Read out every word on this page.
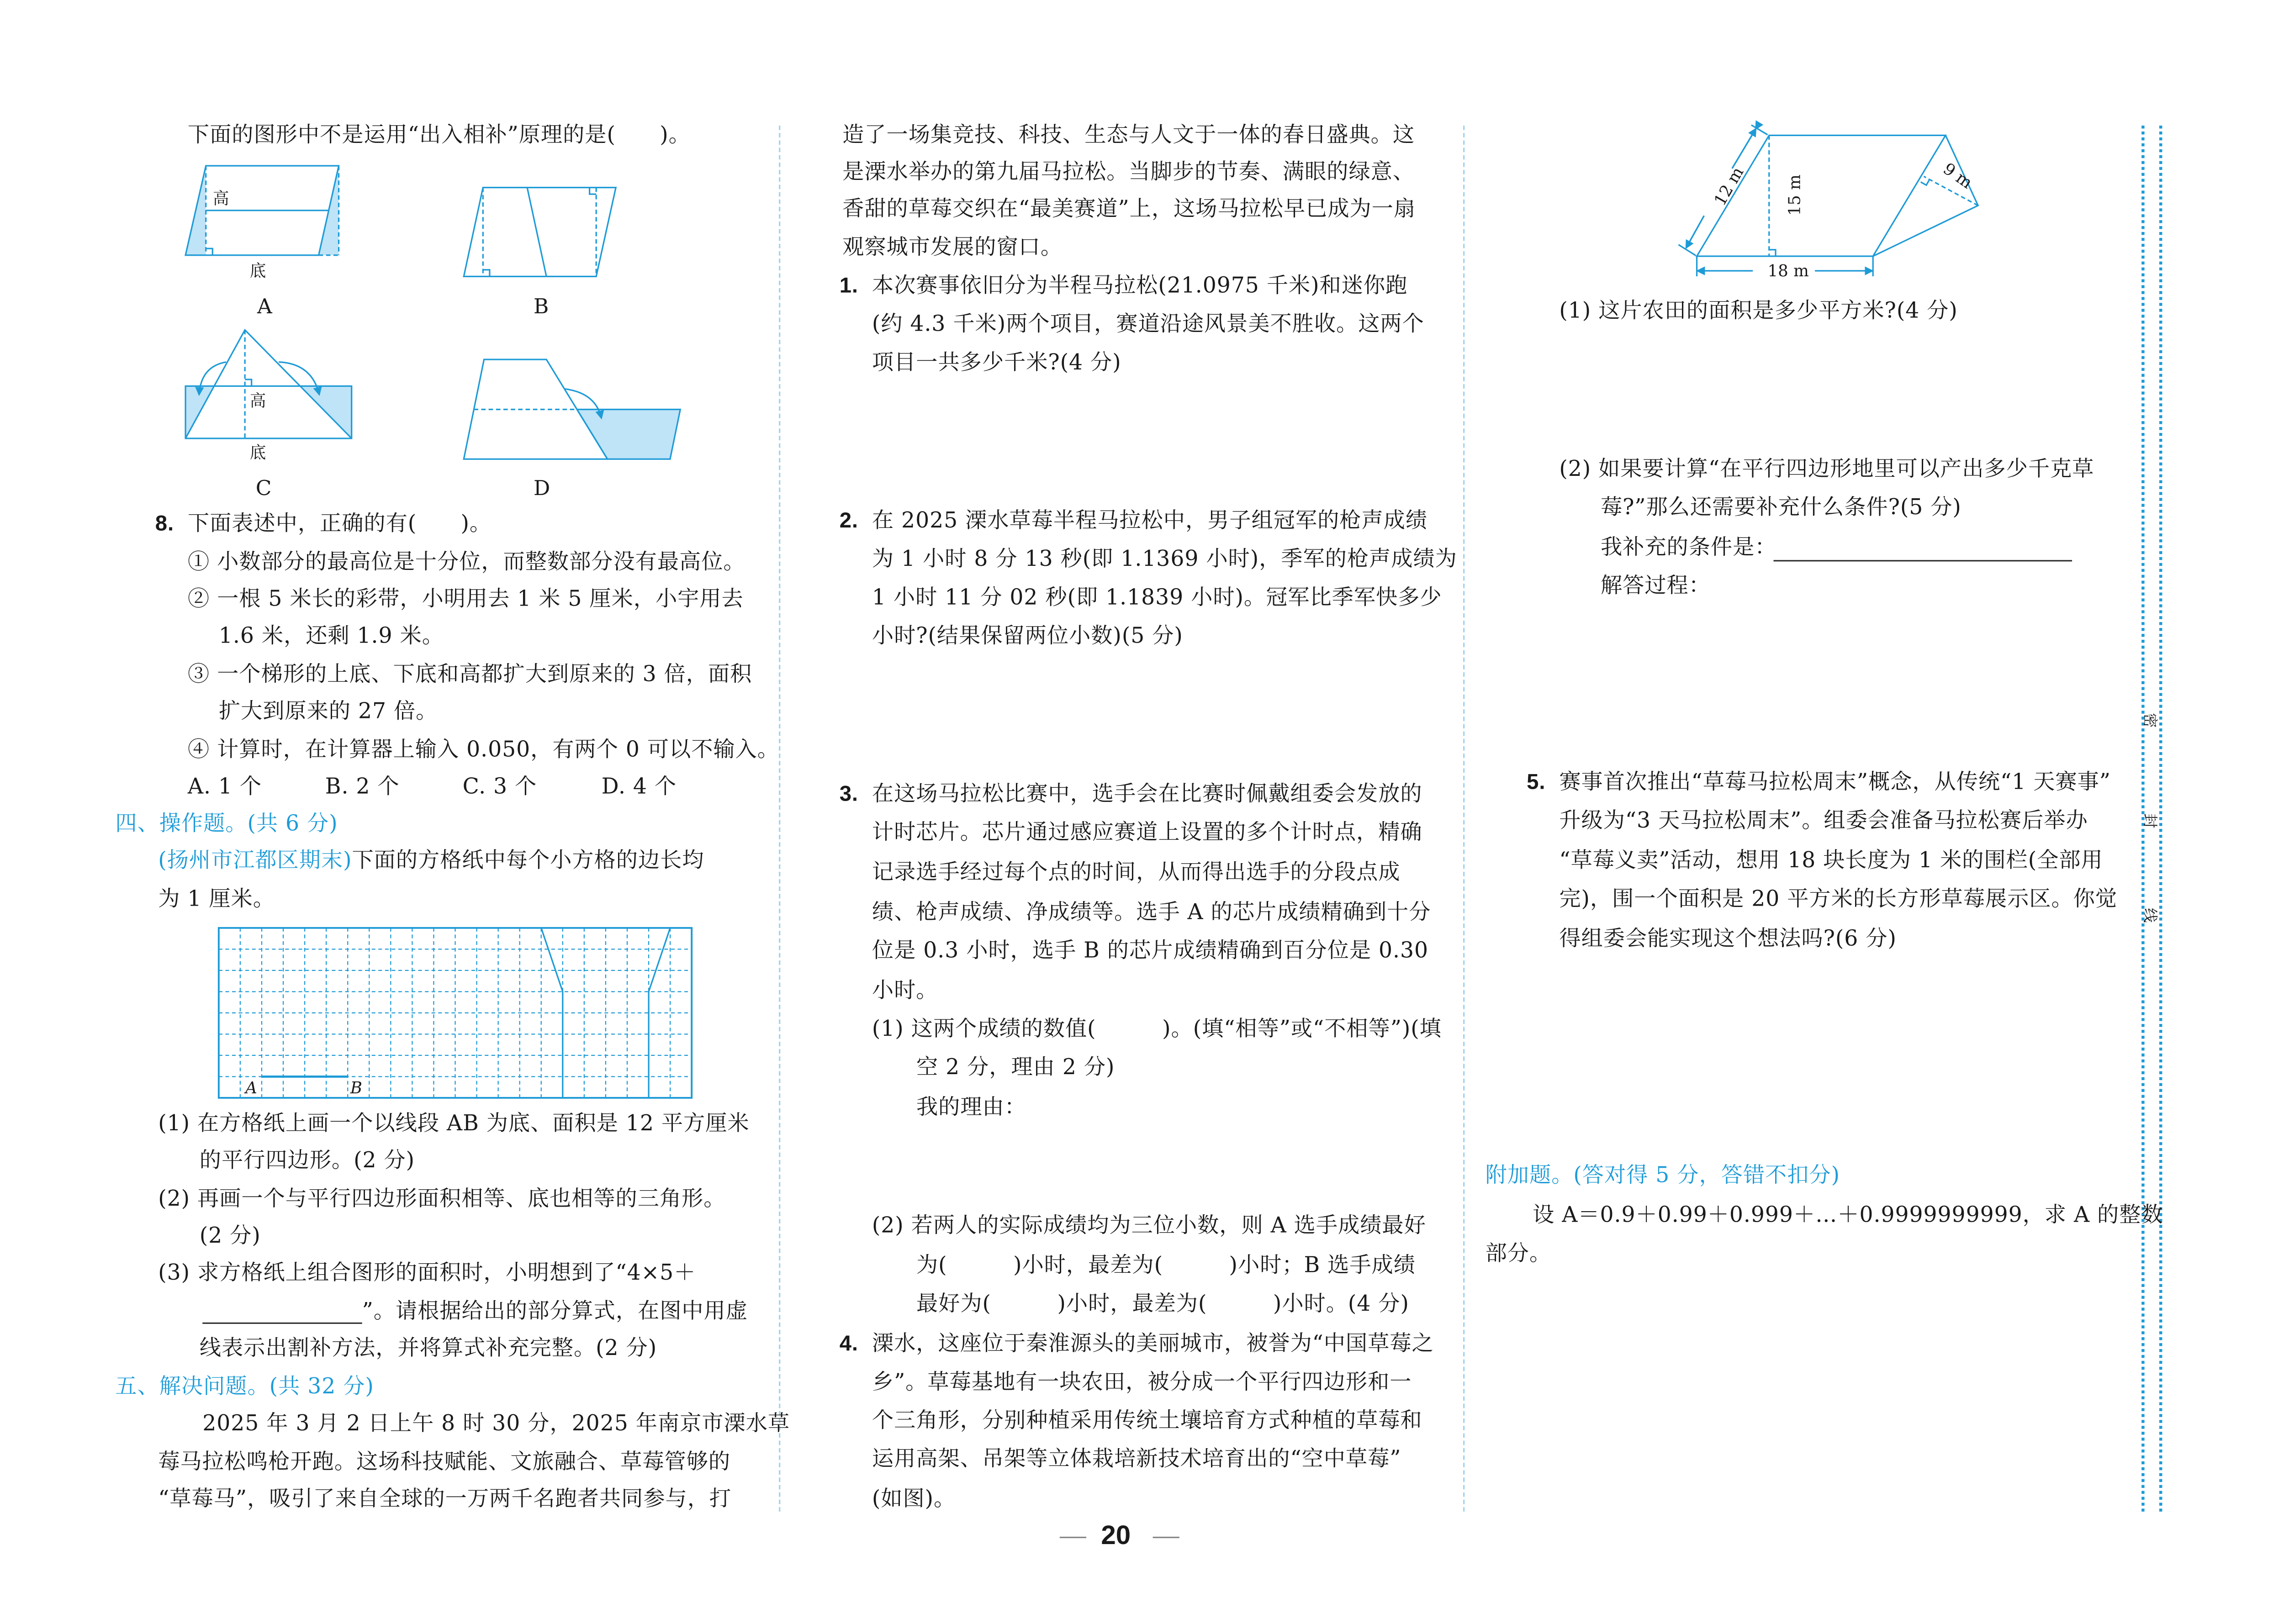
密
封
线
下面的图形中不是运用“出入相补”原理的是(　　)。
8. 下面表述中，正确的有(　　)。
① 小数部分的最高位是十分位，而整数部分没有最高位。
② 一根 5 米长的彩带，小明用去 1 米 5 厘米，小宇用去
1.6 米，还剩 1.9 米。
③ 一个梯形的上底、下底和高都扩大到原来的 3 倍，面积
扩大到原来的 27 倍。
④ 计算时，在计算器上输入 0.050，有两个 0 可以不输入。
A. 1 个	B. 2 个	C. 3 个	D. 4 个
四、操作题。(共 6 分)
(扬州市江都区期末)下面的方格纸中每个小方格的边长均
为 1 厘米。
(1) 在方格纸上画一个以线段 AB 为底、面积是 12 平方厘米
的平行四边形。(2 分)
(2) 再画一个与平行四边形面积相等、底也相等的三角形。
(2 分)
(3) 求方格纸上组合图形的面积时，小明想到了“4×5＋
”。请根据给出的部分算式，在图中用虚
线表示出割补方法，并将算式补充完整。(2 分)
五、解决问题。(共 32 分)
2025 年 3 月 2 日上午 8 时 30 分，2025 年南京市溧水草
莓马拉松鸣枪开跑。这场科技赋能、文旅融合、草莓管够的
“草莓马”，吸引了来自全球的一万两千名跑者共同参与，打
造了一场集竞技、科技、生态与人文于一体的春日盛典。这
是溧水举办的第九届马拉松。当脚步的节奏、满眼的绿意、
香甜的草莓交织在“最美赛道”上，这场马拉松早已成为一扇
观察城市发展的窗口。
1. 本次赛事依旧分为半程马拉松(21.0975 千米)和迷你跑
(约 4.3 千米)两个项目，赛道沿途风景美不胜收。这两个
项目一共多少千米?(4 分)
2. 在 2025 溧水草莓半程马拉松中，男子组冠军的枪声成绩
为 1 小时 8 分 13 秒(即 1.1369 小时)，季军的枪声成绩为
1 小时 11 分 02 秒(即 1.1839 小时)。冠军比季军快多少
小时?(结果保留两位小数)(5 分)
3. 在这场马拉松比赛中，选手会在比赛时佩戴组委会发放的
计时芯片。芯片通过感应赛道上设置的多个计时点，精确
记录选手经过每个点的时间，从而得出选手的分段点成
绩、枪声成绩、净成绩等。选手 A 的芯片成绩精确到十分
位是 0.3 小时，选手 B 的芯片成绩精确到百分位是 0.30
小时。
(1) 这两个成绩的数值(　　　)。(填“相等”或“不相等”)(填
空 2 分，理由 2 分)
我的理由：
(2) 若两人的实际成绩均为三位小数，则 A 选手成绩最好
为(　　　)小时，最差为(　　　)小时；B 选手成绩
最好为(　　　)小时，最差为(　　　)小时。(4 分)
4. 溧水，这座位于秦淮源头的美丽城市，被誉为“中国草莓之
乡”。草莓基地有一块农田，被分成一个平行四边形和一
个三角形，分别种植采用传统土壤培育方式种植的草莓和
运用高架、吊架等立体栽培新技术培育出的“空中草莓”
(如图)。
(1) 这片农田的面积是多少平方米?(4 分)
(2) 如果要计算“在平行四边形地里可以产出多少千克草
莓?”那么还需要补充什么条件?(5 分)
我补充的条件是：
解答过程：
5. 赛事首次推出“草莓马拉松周末”概念，从传统“1 天赛事”
升级为“3 天马拉松周末”。组委会准备马拉松赛后举办
“草莓义卖”活动，想用 18 块长度为 1 米的围栏(全部用
完)，围一个面积是 20 平方米的长方形草莓展示区。你觉
得组委会能实现这个想法吗?(6 分)
附加题。(答对得 5 分，答错不扣分)
设 A＝0.9＋0.99＋0.999＋…＋0.9999999999，求 A 的整数
部分。
20
高
底
A	B
高
底
C	D
A	B
12 m	15 m	9 m
18 m
